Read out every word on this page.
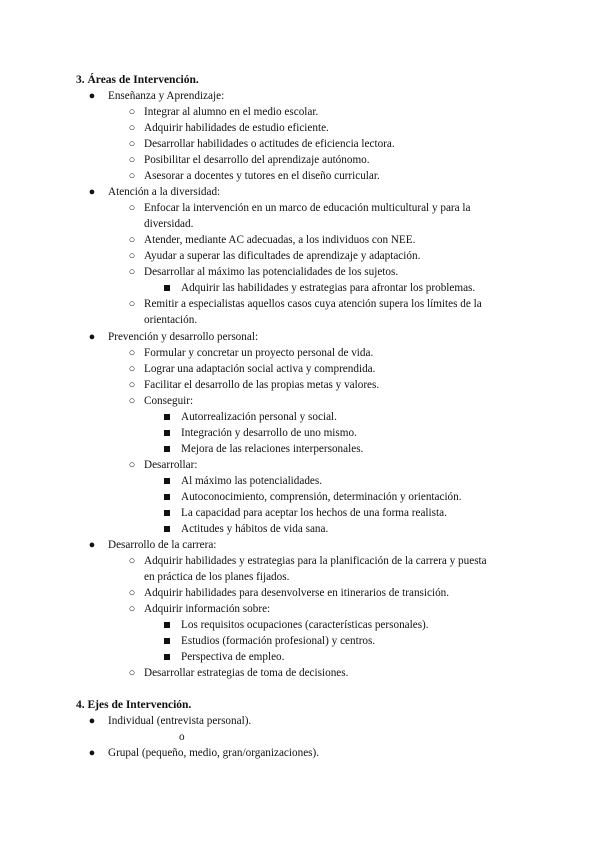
3. Áreas de Intervención.
● Enseñanza y Aprendizaje:
○ Integrar al alumno en el medio escolar.
○ Adquirir habilidades de estudio eficiente.
○ Desarrollar habilidades o actitudes de eficiencia lectora.
○ Posibilitar el desarrollo del aprendizaje autónomo.
○ Asesorar a docentes y tutores en el diseño curricular.
● Atención a la diversidad:
○ Enfocar la intervención en un marco de educación multicultural y para la
diversidad.
○ Atender, mediante AC adecuadas, a los individuos con NEE.
○ Ayudar a superar las dificultades de aprendizaje y adaptación.
○ Desarrollar al máximo las potencialidades de los sujetos.
Adquirir las habilidades y estrategias para afrontar los problemas.
○ Remitir a especialistas aquellos casos cuya atención supera los límites de la
orientación.
● Prevención y desarrollo personal:
○ Formular y concretar un proyecto personal de vida.
○ Lograr una adaptación social activa y comprendida.
○ Facilitar el desarrollo de las propias metas y valores.
○ Conseguir:
Autorrealización personal y social.
Integración y desarrollo de uno mismo.
Mejora de las relaciones interpersonales.
○ Desarrollar:
Al máximo las potencialidades.
Autoconocimiento, comprensión, determinación y orientación.
La capacidad para aceptar los hechos de una forma realista.
Actitudes y hábitos de vida sana.
● Desarrollo de la carrera:
○ Adquirir habilidades y estrategias para la planificación de la carrera y puesta
en práctica de los planes fijados.
○ Adquirir habilidades para desenvolverse en itinerarios de transición.
○ Adquirir información sobre:
Los requisitos ocupaciones (características personales).
Estudios (formación profesional) y centros.
Perspectiva de empleo.
○ Desarrollar estrategias de toma de decisiones.
4. Ejes de Intervención.
● Individual (entrevista personal).
o
● Grupal (pequeño, medio, gran/organizaciones).
